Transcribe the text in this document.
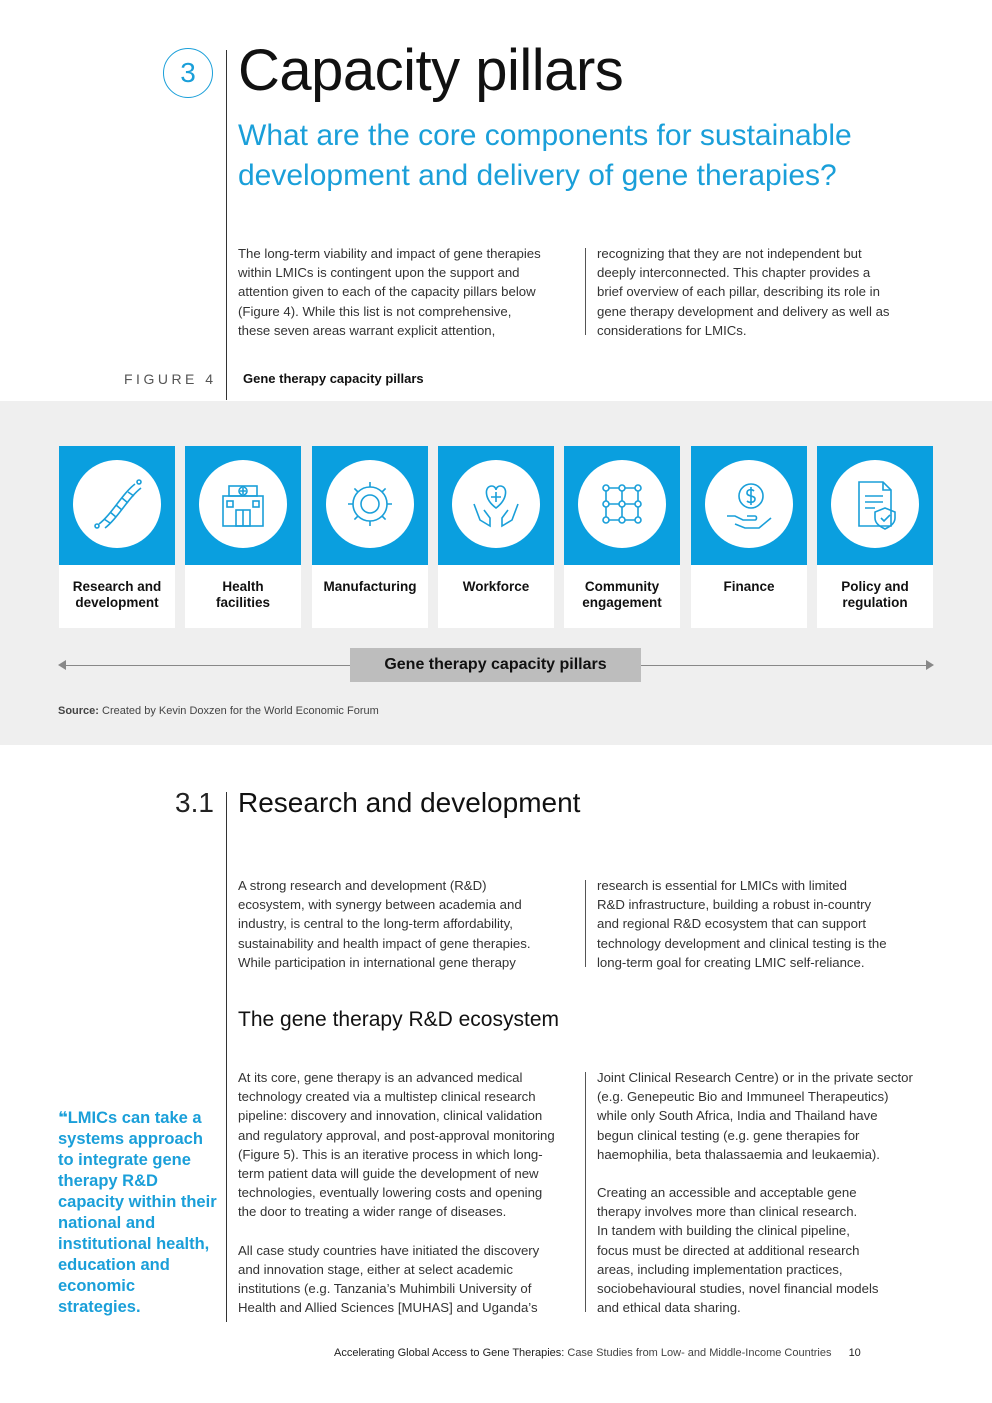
3 Capacity pillars
What are the core components for sustainable development and delivery of gene therapies?
The long-term viability and impact of gene therapies
within LMICs is contingent upon the support and
attention given to each of the capacity pillars below
(Figure 4). While this list is not comprehensive,
these seven areas warrant explicit attention,
recognizing that they are not independent but
deeply interconnected. This chapter provides a
brief overview of each pillar, describing its role in
gene therapy development and delivery as well as
considerations for LMICs.
FIGURE 4 Gene therapy capacity pillars
Research and
development
Health
facilities
Manufacturing	Workforce	Community
engagement
Finance	Policy and
regulation
Gene therapy capacity pillars
Source: Created by Kevin Doxzen for the World Economic Forum
3.1 Research and development
A strong research and development (R&D)
ecosystem, with synergy between academia and
industry, is central to the long-term affordability,
sustainability and health impact of gene therapies.
While participation in international gene therapy
research is essential for LMICs with limited
R&D infrastructure, building a robust in-country
and regional R&D ecosystem that can support
technology development and clinical testing is the
long-term goal for creating LMIC self-reliance.
The gene therapy R&D ecosystem
At its core, gene therapy is an advanced medical
technology created via a multistep clinical research
pipeline: discovery and innovation, clinical validation
and regulatory approval, and post-approval monitoring
(Figure 5). This is an iterative process in which long-
term patient data will guide the development of new
technologies, eventually lowering costs and opening
the door to treating a wider range of diseases.
All case study countries have initiated the discovery
and innovation stage, either at select academic
institutions (e.g. Tanzania’s Muhimbili University of
Health and Allied Sciences [MUHAS] and Uganda’s
Joint Clinical Research Centre) or in the private sector
(e.g. Genepeutic Bio and Immuneel Therapeutics)
while only South Africa, India and Thailand have
begun clinical testing (e.g. gene therapies for
haemophilia, beta thalassaemia and leukaemia).
Creating an accessible and acceptable gene
therapy involves more than clinical research.
In tandem with building the clinical pipeline,
focus must be directed at additional research
areas, including implementation practices,
sociobehavioural studies, novel financial models
and ethical data sharing.
❝LMICs can take a systems approach to integrate gene therapy R&D capacity within their national and institutional health, education and economic strategies.
Accelerating Global Access to Gene Therapies: Case Studies from Low- and Middle-Income Countries 10
